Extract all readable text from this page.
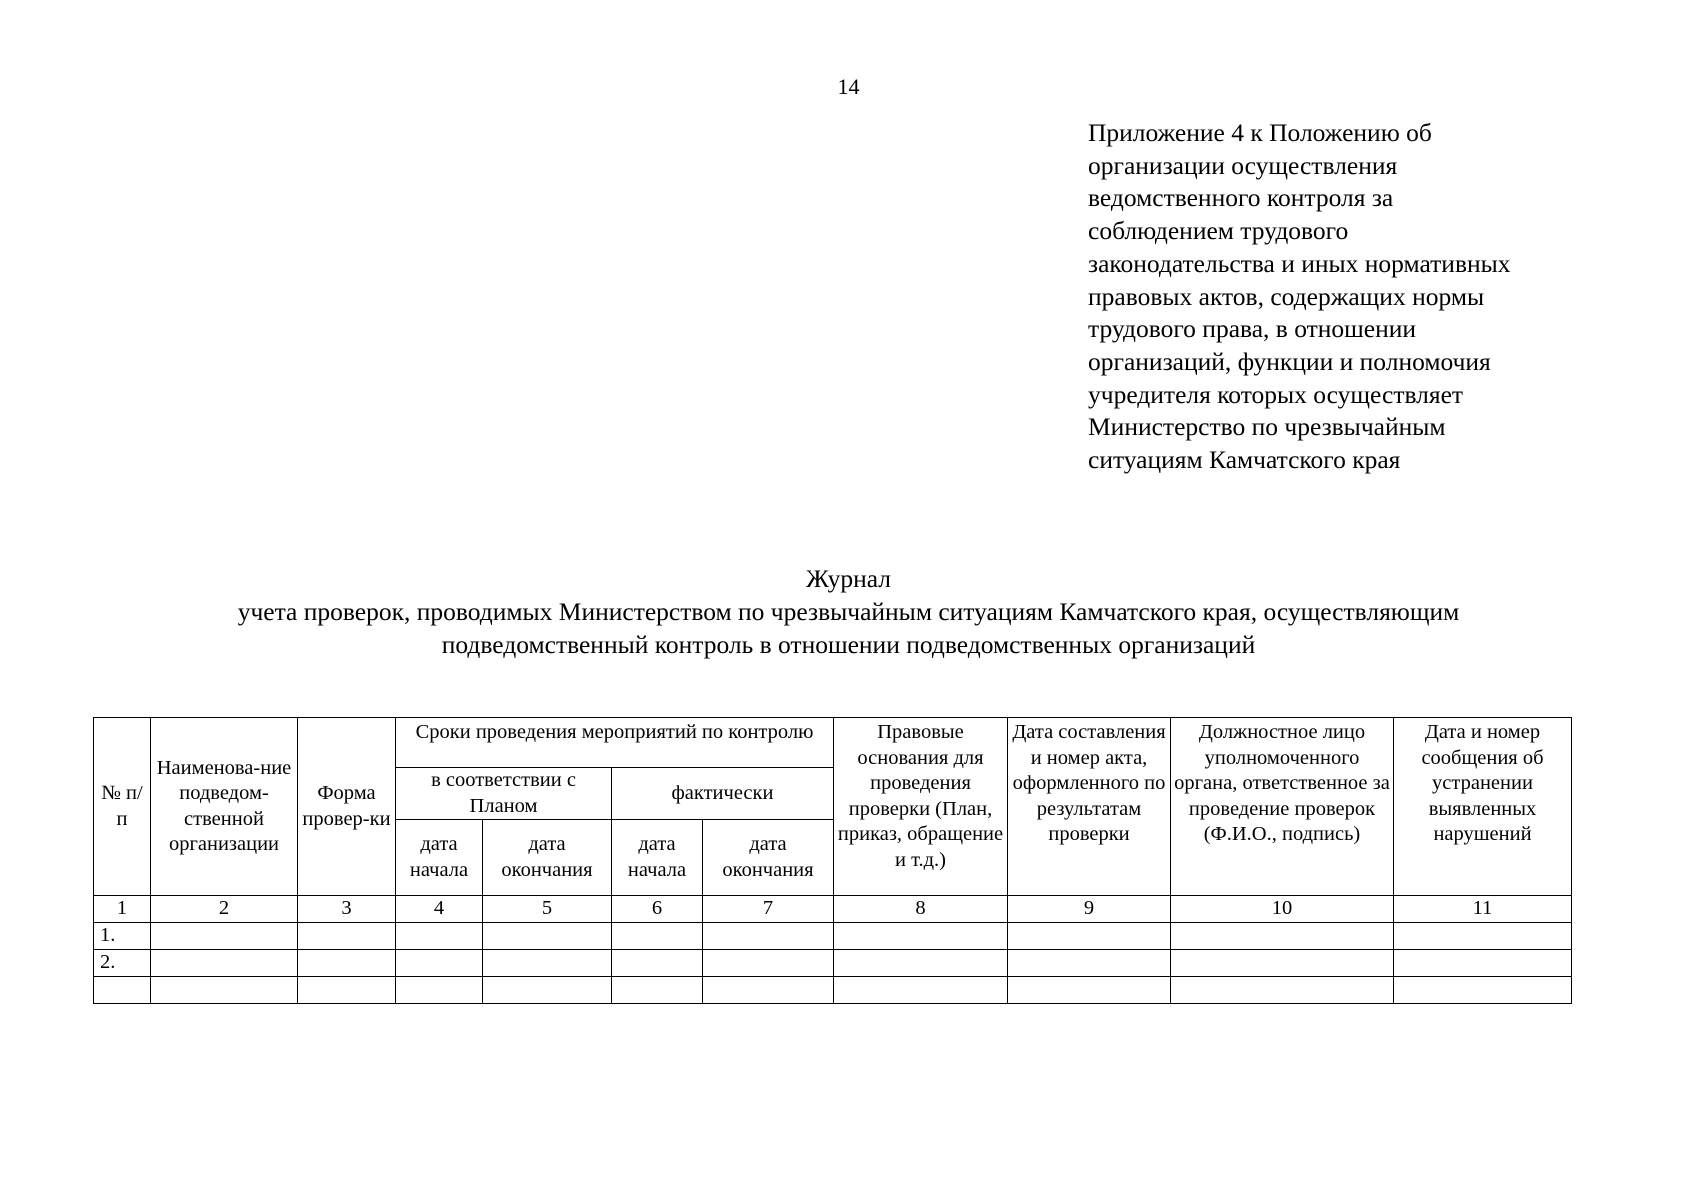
14
Приложение 4 к Положению об
организации осуществления
ведомственного контроля за
соблюдением трудового
законодательства и иных нормативных
правовых актов, содержащих нормы
трудового права, в отношении
организаций, функции и полномочия
учредителя которых осуществляет
Министерство по чрезвычайным
ситуациям Камчатского края
Журнал
учета проверок, проводимых Министерством по чрезвычайным ситуациям Камчатского края, осуществляющим
подведомственный контроль в отношении подведомственных организаций
№ п/п	Наименова-ние подведом-ственной организации	Форма провер-ки	Сроки проведения мероприятий по контролю				Правовые основания для проведения проверки (План, приказ, обращение и т.д.)	Дата составления и номер акта, оформленного по результатам проверки	Должностное лицо уполномоченного органа, ответственное за проведение проверок (Ф.И.О., подпись)	Дата и номер сообщения об устранении выявленных нарушений
			в соответствии с Планом		фактически					
			дата начала	дата окончания	дата начала	дата окончания				
1	2	3	4	5	6	7	8	9	10	11
1.										
2.										
